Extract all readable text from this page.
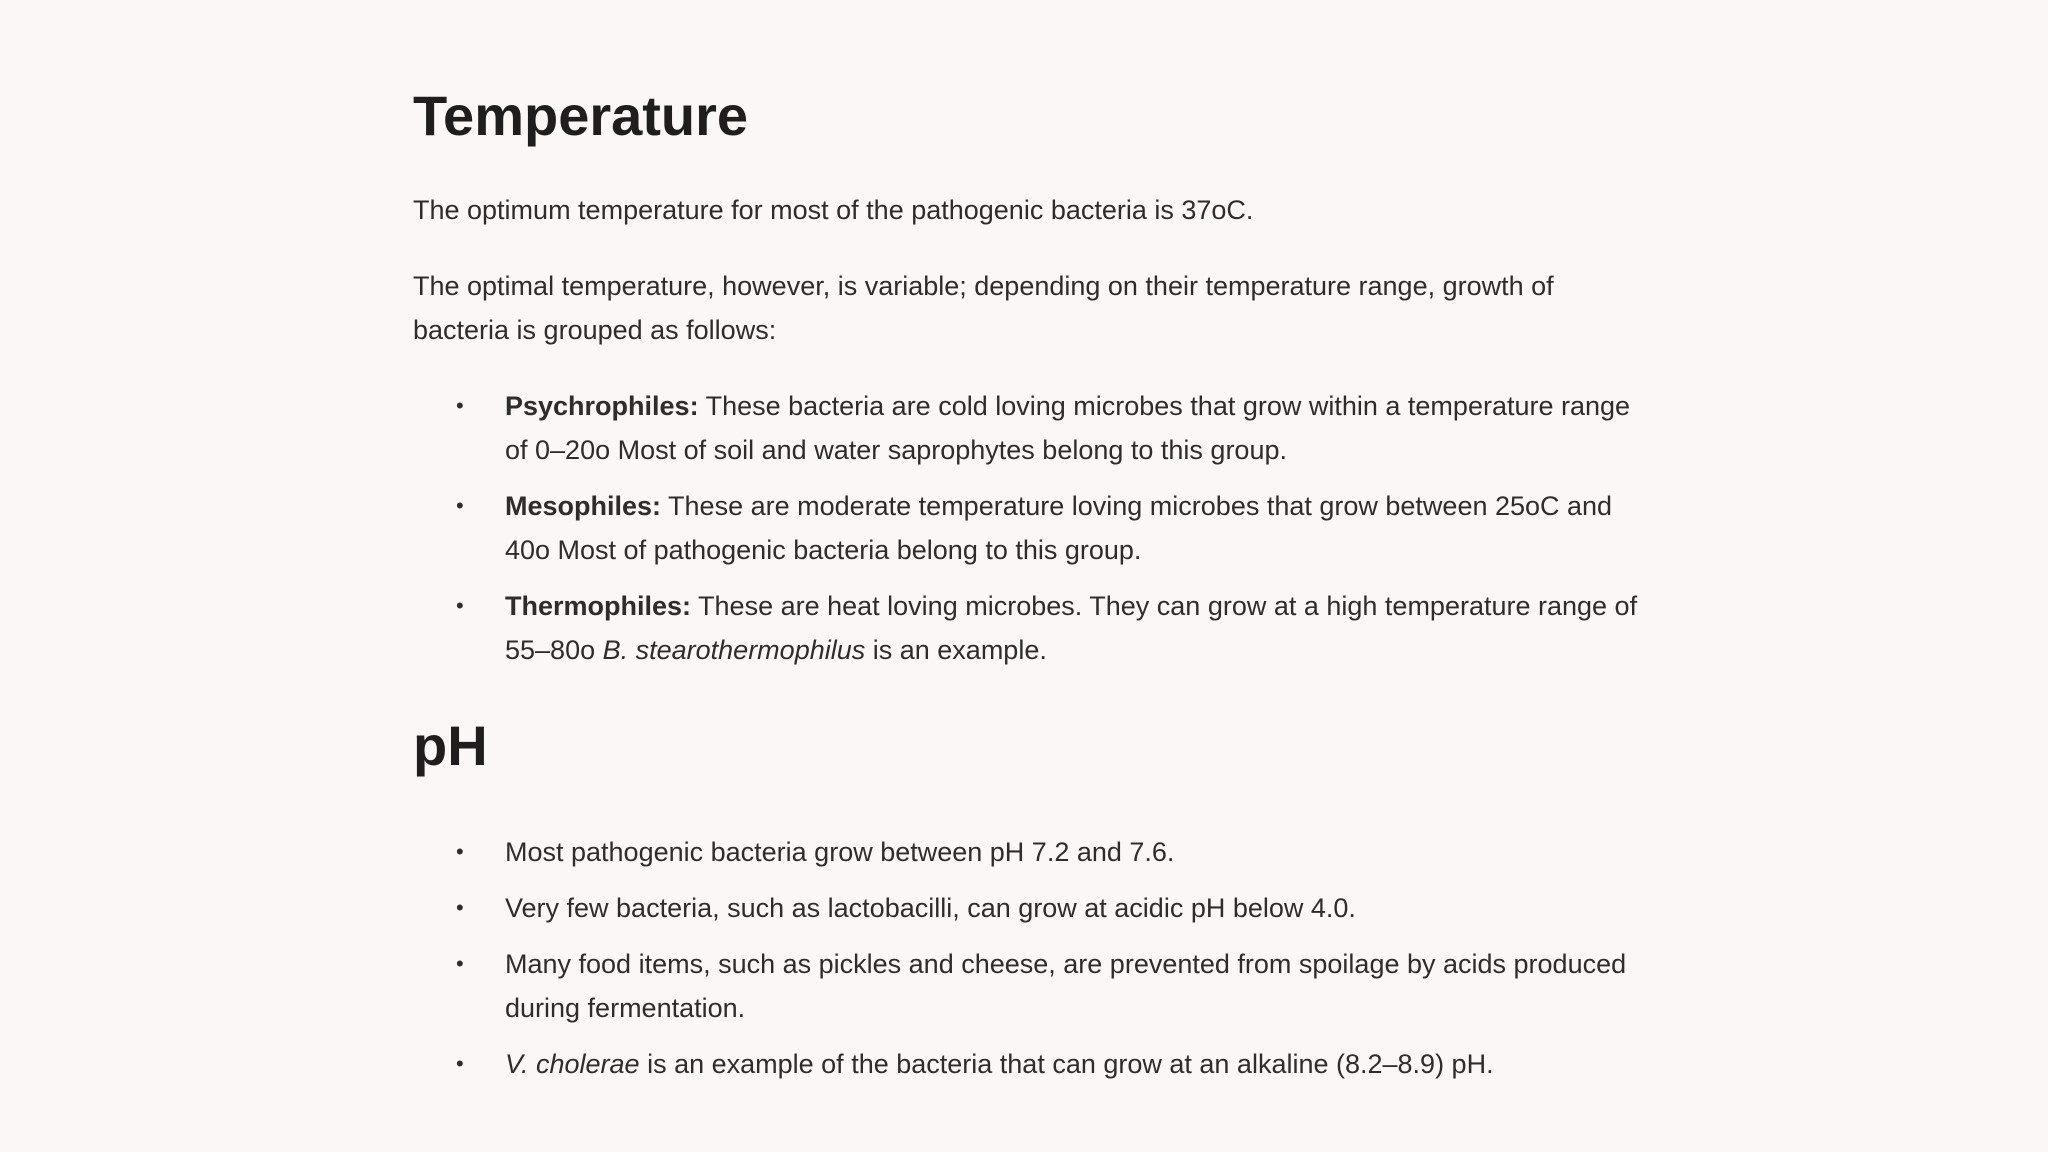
Temperature

The optimum temperature for most of the pathogenic bacteria is 37oC.

The optimal temperature, however, is variable; depending on their temperature range, growth of bacteria is grouped as follows:

• Psychrophiles: These bacteria are cold loving microbes that grow within a temperature range of 0–20o Most of soil and water saprophytes belong to this group.
• Mesophiles: These are moderate temperature loving microbes that grow between 25oC and 40o Most of pathogenic bacteria belong to this group.
• Thermophiles: These are heat loving microbes. They can grow at a high temperature range of 55–80o B. stearothermophilus is an example.
pH
• Most pathogenic bacteria grow between pH 7.2 and 7.6.
• Very few bacteria, such as lactobacilli, can grow at acidic pH below 4.0.
• Many food items, such as pickles and cheese, are prevented from spoilage by acids produced during fermentation.
• V. cholerae is an example of the bacteria that can grow at an alkaline (8.2–8.9) pH.
